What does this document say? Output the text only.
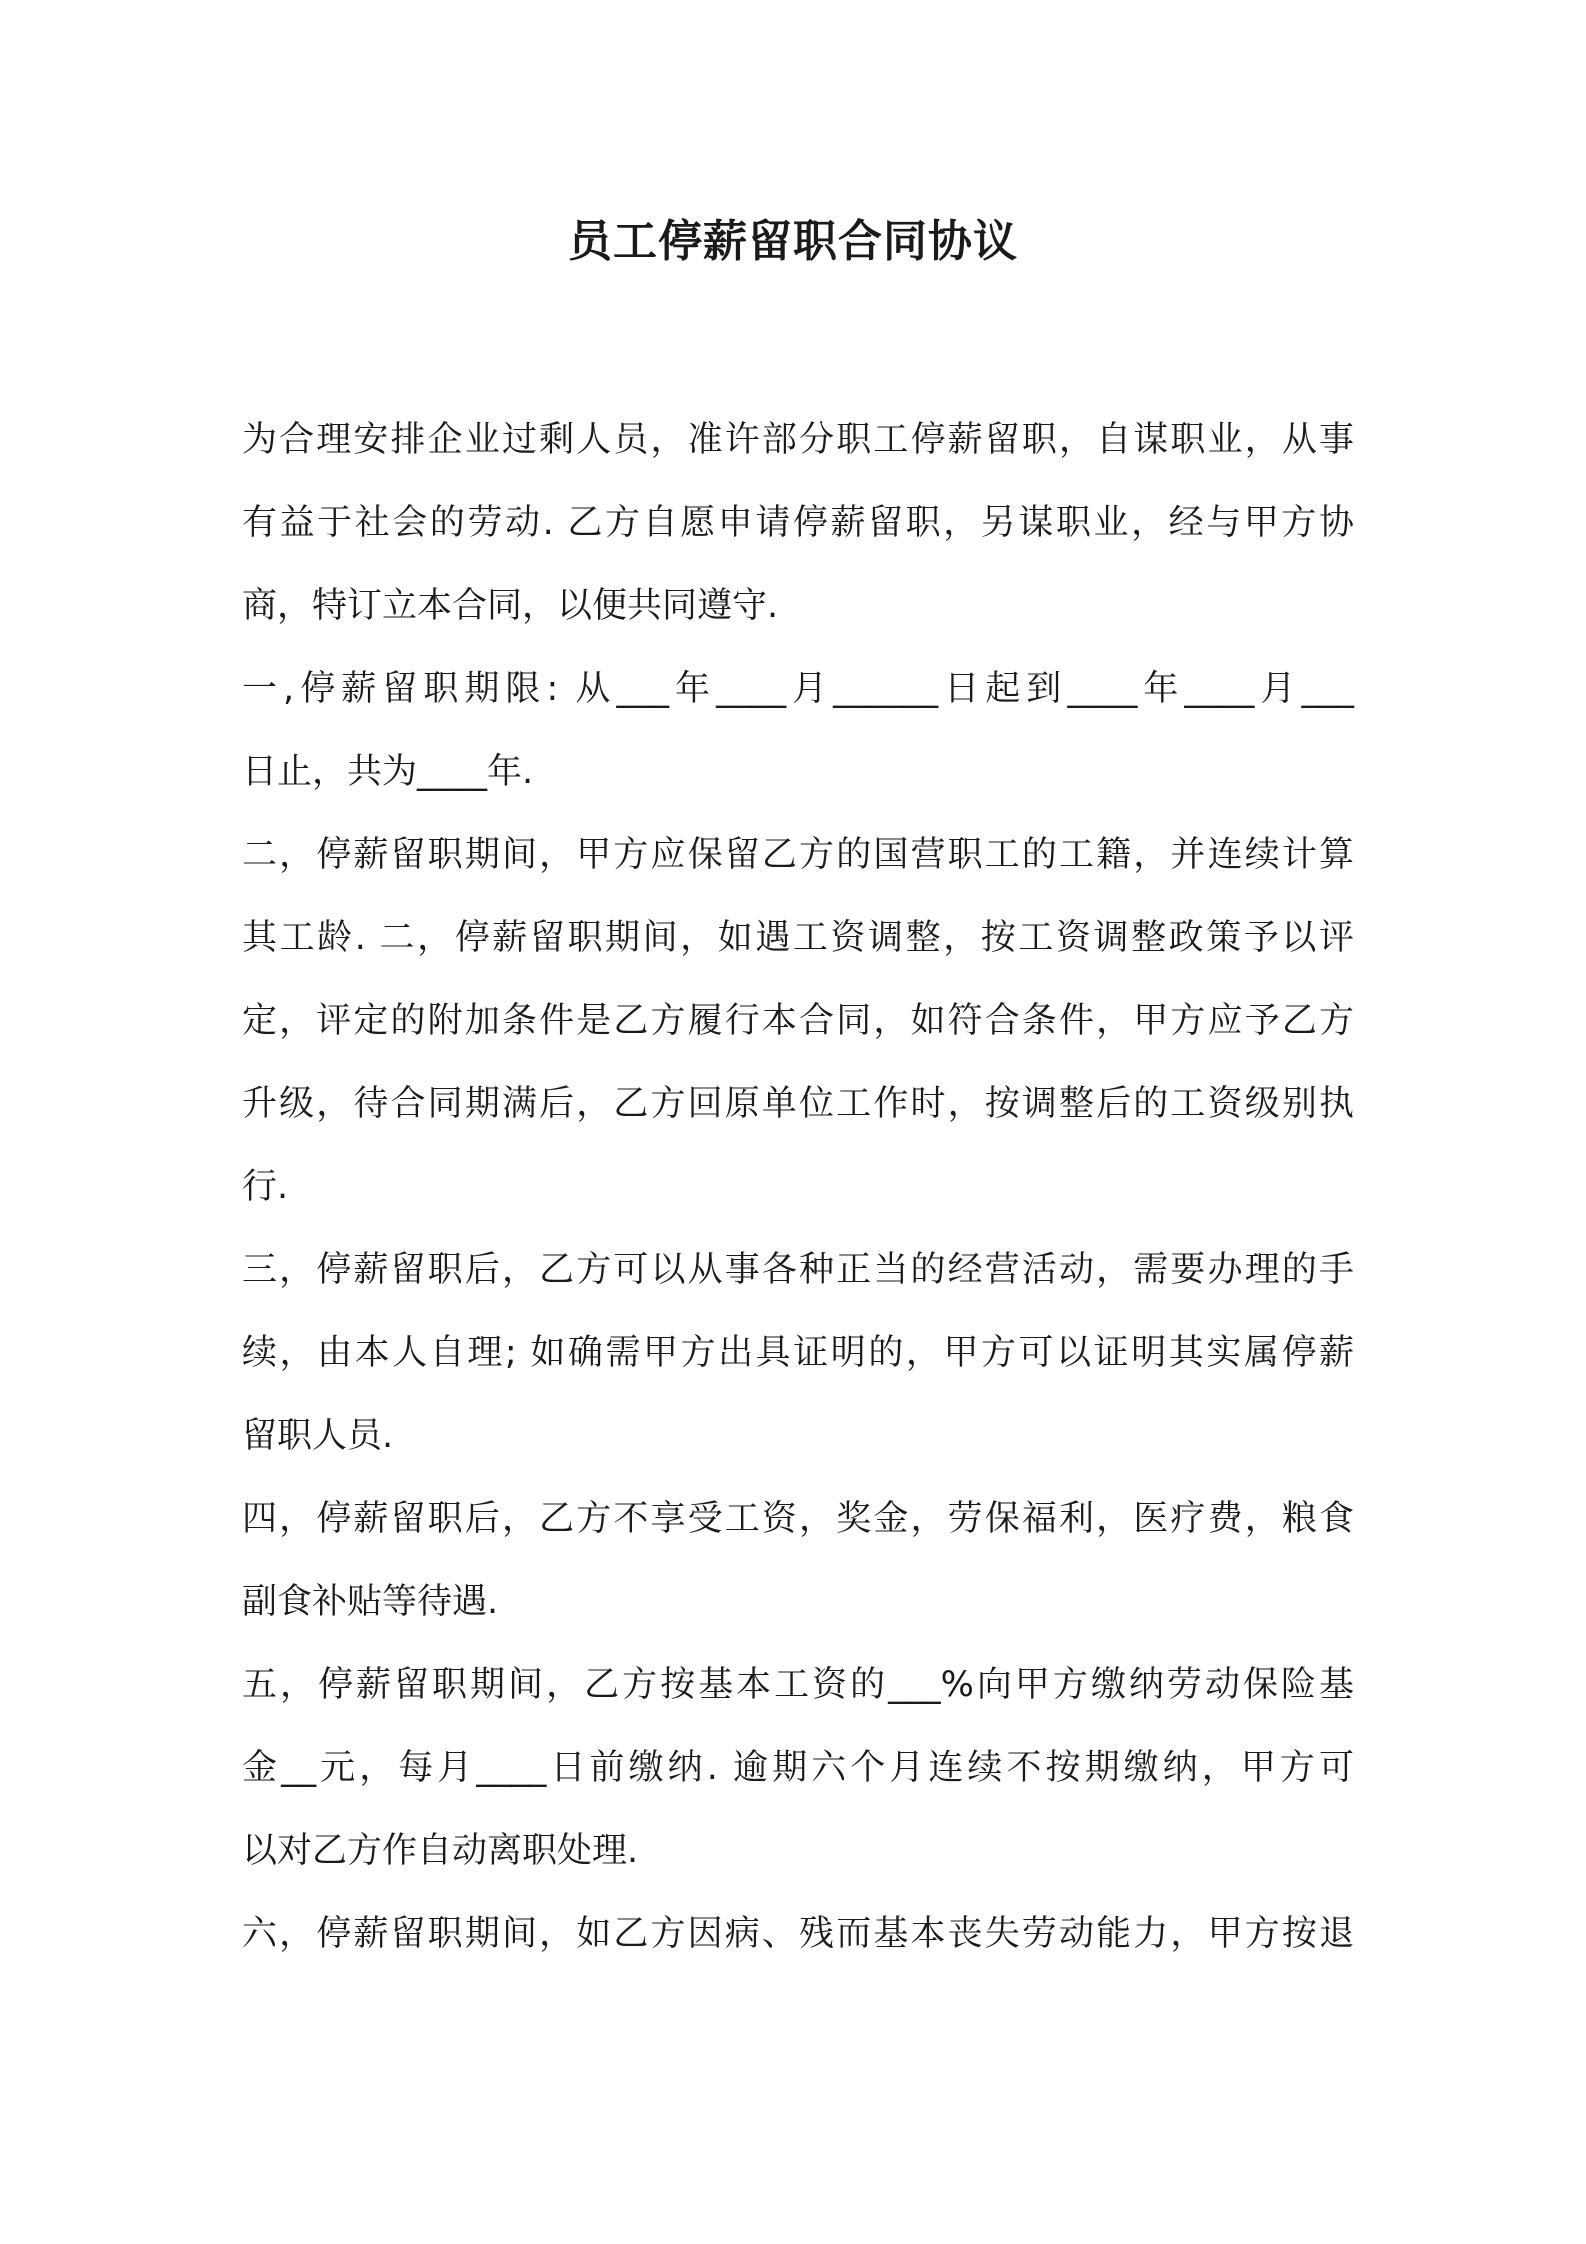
员工停薪留职合同协议
为合理安排企业过剩人员，准许部分职工停薪留职，自谋职业，从事
有益于社会的劳动. 乙方自愿申请停薪留职，另谋职业，经与甲方协
商，特订立本合同，以便共同遵守.
一,停薪留职期限: 从___年____月______日起到____年____月___
日止，共为____年.
二，停薪留职期间，甲方应保留乙方的国营职工的工籍，并连续计算
其工龄. 二，停薪留职期间，如遇工资调整，按工资调整政策予以评
定，评定的附加条件是乙方履行本合同，如符合条件，甲方应予乙方
升级，待合同期满后，乙方回原单位工作时，按调整后的工资级别执
行.
三，停薪留职后，乙方可以从事各种正当的经营活动，需要办理的手
续，由本人自理; 如确需甲方出具证明的，甲方可以证明其实属停薪
留职人员.
四，停薪留职后，乙方不享受工资，奖金，劳保福利，医疗费，粮食
副食补贴等待遇.
五，停薪留职期间，乙方按基本工资的___%向甲方缴纳劳动保险基
金__元，每月____日前缴纳. 逾期六个月连续不按期缴纳，甲方可
以对乙方作自动离职处理.
六，停薪留职期间，如乙方因病、残而基本丧失劳动能力，甲方按退
